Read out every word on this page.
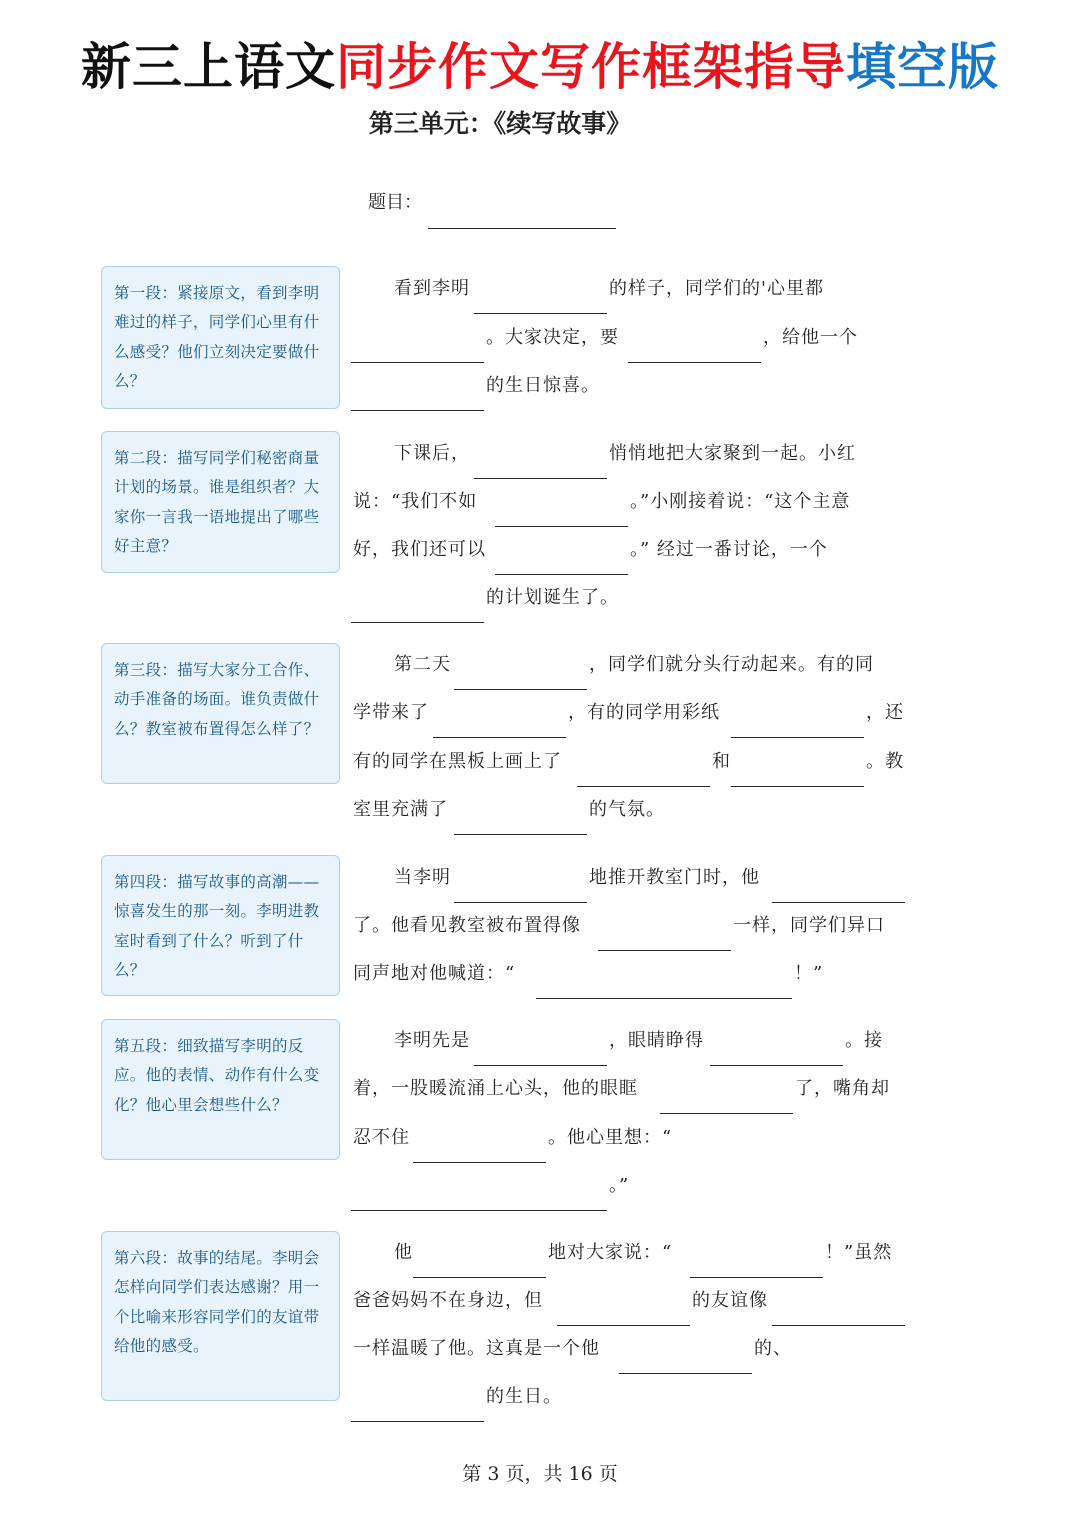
新三上语文同步作文写作框架指导填空版
第三单元：《续写故事》
题目：
第一段：紧接原文，看到李明难过的样子，同学们心里有什么感受？他们立刻决定要做什么？
看到李明	的样子，同学们的'心里都
。大家决定，要	，给他一个
的生日惊喜。
第二段：描写同学们秘密商量计划的场景。谁是组织者？大家你一言我一语地提出了哪些好主意？
下课后，	悄悄地把大家聚到一起。小红
说：“我们不如	。”小刚接着说：“这个主意
好，我们还可以	。” 经过一番讨论，一个
的计划诞生了。
第三段：描写大家分工合作、动手准备的场面。谁负责做什么？教室被布置得怎么样了？
第二天	，同学们就分头行动起来。有的同
学带来了	，有的同学用彩纸	，还
有的同学在黑板上画上了	和	。教
室里充满了	的气氛。
第四段：描写故事的高潮——惊喜发生的那一刻。李明进教室时看到了什么？听到了什么？
当李明	地推开教室门时，他
了。他看见教室被布置得像	一样，同学们异口
同声地对他喊道：“	！”
第五段：细致描写李明的反应。他的表情、动作有什么变化？他心里会想些什么？
李明先是	，眼睛睁得	。接
着，一股暖流涌上心头，他的眼眶	了，嘴角却
忍不住	。他心里想：“
。”
第六段：故事的结尾。李明会怎样向同学们表达感谢？用一个比喻来形容同学们的友谊带给他的感受。
他	地对大家说：“	！”虽然
爸爸妈妈不在身边，但	的友谊像
一样温暖了他。这真是一个他	的、
的生日。
第 3 页，共 16 页
